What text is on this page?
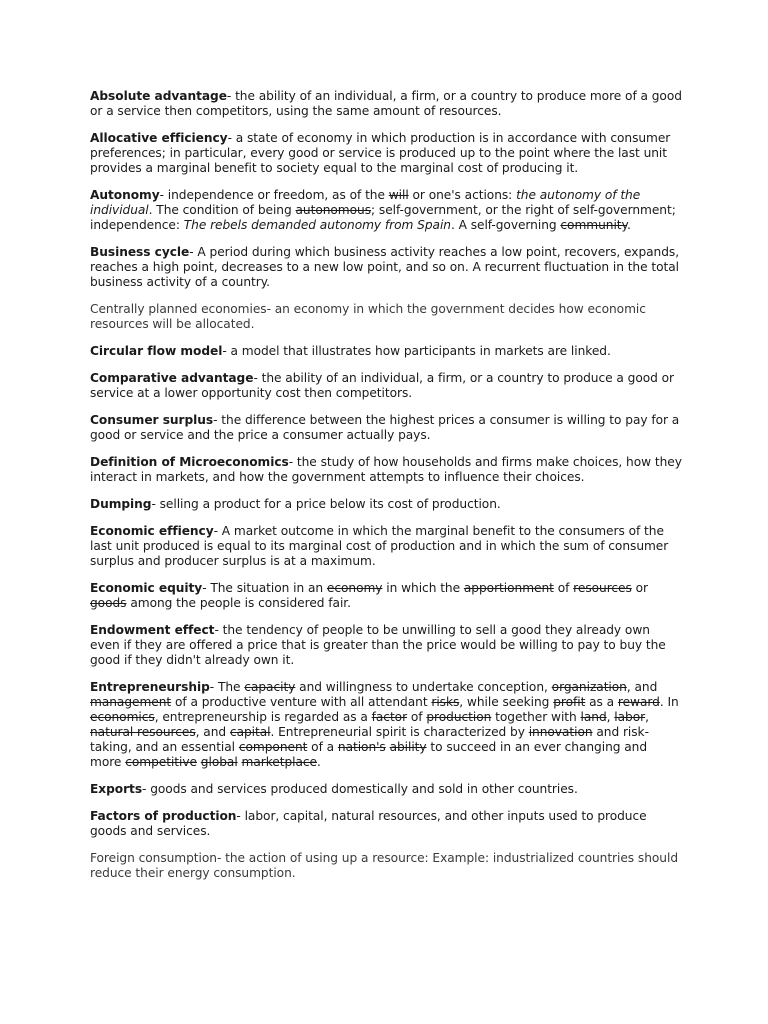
Absolute advantage- the ability of an individual, a firm, or a country to produce more of a good or a service then competitors, using the same amount of resources.

Allocative efficiency- a state of economy in which production is in accordance with consumer preferences; in particular, every good or service is produced up to the point where the last unit provides a marginal benefit to society equal to the marginal cost of producing it.

Autonomy- independence or freedom, as of the will or one's actions: the autonomy of the individual. The condition of being autonomous; self-government, or the right of self-government; independence: The rebels demanded autonomy from Spain. A self-governing community.

Business cycle- A period during which business activity reaches a low point, recovers, expands, reaches a high point, decreases to a new low point, and so on. A recurrent fluctuation in the total business activity of a country.

Centrally planned economies- an economy in which the government decides how economic resources will be allocated.

Circular flow model- a model that illustrates how participants in markets are linked.

Comparative advantage- the ability of an individual, a firm, or a country to produce a good or service at a lower opportunity cost then competitors.

Consumer surplus- the difference between the highest prices a consumer is willing to pay for a good or service and the price a consumer actually pays.

Definition of Microeconomics- the study of how households and firms make choices, how they interact in markets, and how the government attempts to influence their choices.

Dumping- selling a product for a price below its cost of production.

Economic effiency- A market outcome in which the marginal benefit to the consumers of the last unit produced is equal to its marginal cost of production and in which the sum of consumer surplus and producer surplus is at a maximum.

Economic equity- The situation in an economy in which the apportionment of resources or goods among the people is considered fair.

Endowment effect- the tendency of people to be unwilling to sell a good they already own even if they are offered a price that is greater than the price would be willing to pay to buy the good if they didn't already own it.

Entrepreneurship- The capacity and willingness to undertake conception, organization, and management of a productive venture with all attendant risks, while seeking profit as a reward. In economics, entrepreneurship is regarded as a factor of production together with land, labor, natural resources, and capital. Entrepreneurial spirit is characterized by innovation and risk-taking, and an essential component of a nation's ability to succeed in an ever changing and more competitive global marketplace.

Exports- goods and services produced domestically and sold in other countries.

Factors of production- labor, capital, natural resources, and other inputs used to produce goods and services.

Foreign consumption- the action of using up a resource: Example: industrialized countries should reduce their energy consumption.
